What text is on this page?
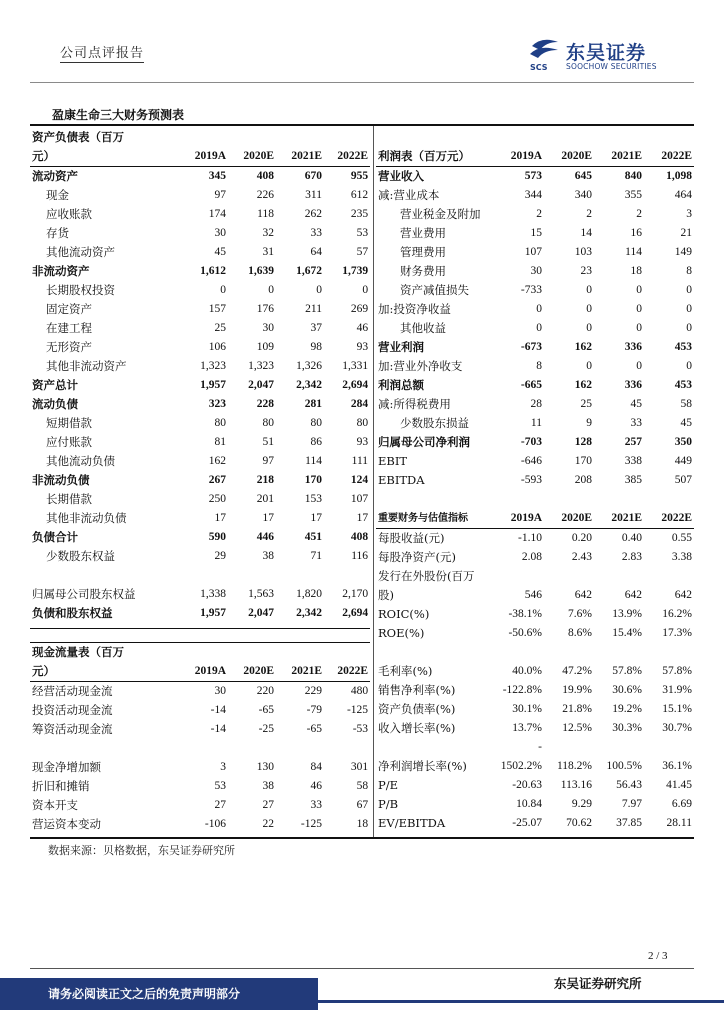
公司点评报告
SCS
东吴证券
SOOCHOW SECURITIES
盈康生命三大财务预测表
资产负债表（百万				
元）	2019A	2020E	2021E	2022E
流动资产	345	408	670	955
现金	97	226	311	612
应收账款	174	118	262	235
存货	30	32	33	53
其他流动资产	45	31	64	57
非流动资产	1,612	1,639	1,672	1,739
长期股权投资	0	0	0	0
固定资产	157	176	211	269
在建工程	25	30	37	46
无形资产	106	109	98	93
其他非流动资产	1,323	1,323	1,326	1,331
资产总计	1,957	2,047	2,342	2,694
流动负债	323	228	281	284
短期借款	80	80	80	80
应付账款	81	51	86	93
其他流动负债	162	97	114	111
非流动负债	267	218	170	124
长期借款	250	201	153	107
其他非流动负债	17	17	17	17
负债合计	590	446	451	408
少数股东权益	29	38	71	116

归属母公司股东权益	1,338	1,563	1,820	2,170
负债和股东权益	1,957	2,047	2,342	2,694
利润表（百万元）	2019A	2020E	2021E	2022E
营业收入	573	645	840	1,098
减:营业成本	344	340	355	464
营业税金及附加	2	2	2	3
营业费用	15	14	16	21
管理费用	107	103	114	149
财务费用	30	23	18	8
资产减值损失	-733	0	0	0
加:投资净收益	0	0	0	0
其他收益	0	0	0	0
营业利润	-673	162	336	453
加:营业外净收支	8	0	0	0
利润总额	-665	162	336	453
减:所得税费用	28	25	45	58
少数股东损益	11	9	33	45
归属母公司净利润	-703	128	257	350
EBIT	-646	170	338	449
EBITDA	-593	208	385	507
重要财务与估值指标	2019A	2020E	2021E	2022E
每股收益(元)	-1.10	0.20	0.40	0.55
每股净资产(元)	2.08	2.43	2.83	3.38
发行在外股份(百万				
股)	546	642	642	642
ROIC(%)	-38.1%	7.6%	13.9%	16.2%
ROE(%)	-50.6%	8.6%	15.4%	17.3%

毛利率(%)	40.0%	47.2%	57.8%	57.8%
销售净利率(%)	-122.8%	19.9%	30.6%	31.9%
资产负债率(%)	30.1%	21.8%	19.2%	15.1%
收入增长率(%)	13.7%	12.5%	30.3%	30.7%
	-			
净利润增长率(%)	1502.2%	118.2%	100.5%	36.1%
P/E	-20.63	113.16	56.43	41.45
P/B	10.84	9.29	7.97	6.69
EV/EBITDA	-25.07	70.62	37.85	28.11
现金流量表（百万				
元）	2019A	2020E	2021E	2022E
经营活动现金流	30	220	229	480
投资活动现金流	-14	-65	-79	-125
筹资活动现金流	-14	-25	-65	-53

现金净增加额	3	130	84	301
折旧和摊销	53	38	46	58
资本开支	27	27	33	67
营运资本变动	-106	22	-125	18
数据来源：贝格数据，东吴证券研究所
2 / 3
请务必阅读正文之后的免责声明部分
东吴证券研究所
